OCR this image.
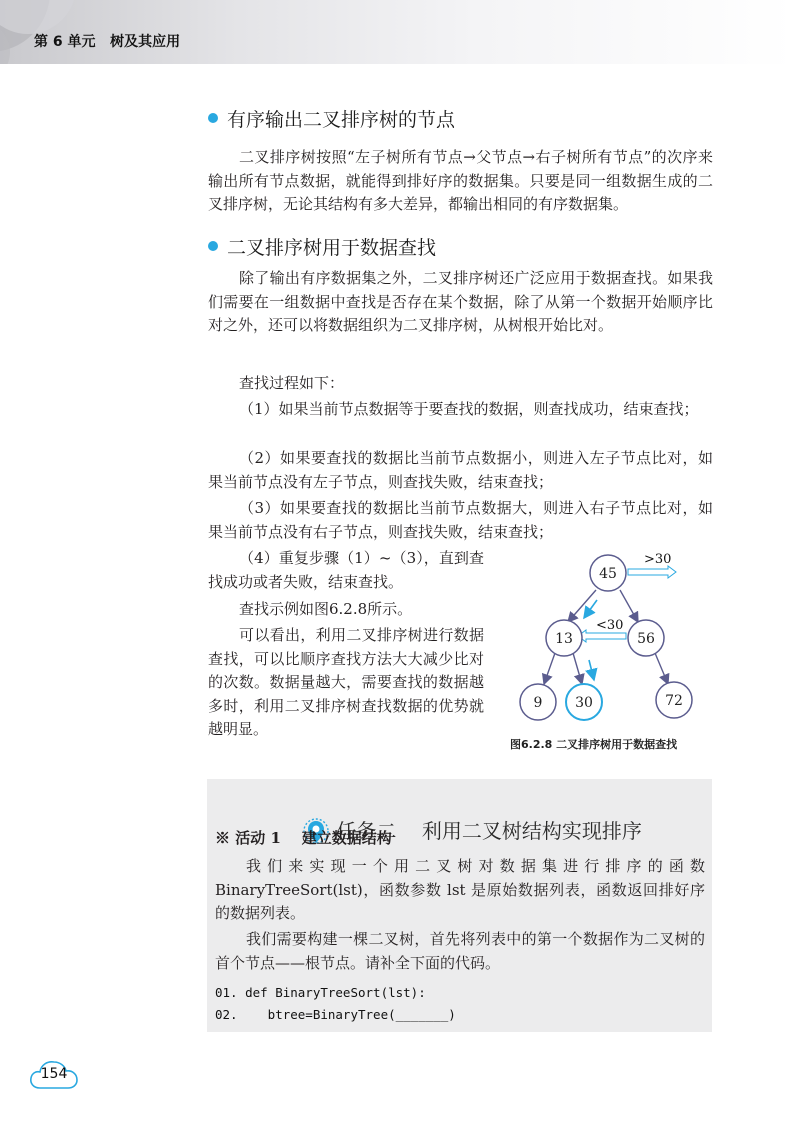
第 6 单元   树及其应用
有序输出二叉排序树的节点

二叉排序树按照“左子树所有节点→父节点→右子树所有节点”的次序来输出所有节点数据，就能得到排好序的数据集。只要是同一组数据生成的二叉排序树，无论其结构有多大差异，都输出相同的有序数据集。

二叉排序树用于数据查找

除了输出有序数据集之外，二叉排序树还广泛应用于数据查找。如果我们需要在一组数据中查找是否存在某个数据，除了从第一个数据开始顺序比对之外，还可以将数据组织为二叉排序树，从树根开始比对。

查找过程如下：

（1）如果当前节点数据等于要查找的数据，则查找成功，结束查找；

（2）如果要查找的数据比当前节点数据小，则进入左子节点比对，如果当前节点没有左子节点，则查找失败，结束查找；

（3）如果要查找的数据比当前节点数据大，则进入右子节点比对，如果当前节点没有右子节点，则查找失败，结束查找；

（4）重复步骤（1）~（3），直到查找成功或者失败，结束查找。

查找示例如图6.2.8所示。

可以看出，利用二叉排序树进行数据查找，可以比顺序查找方法大大减少比对的次数。数据量越大，需要查找的数据越多时，利用二叉排序树查找数据的优势就越明显。

>30
<30
45
13	56
9 30	72
图6.2.8 二叉排序树用于数据查找

任务二    利用二叉树结构实现排序

※ 活动 1    建立数据结构

我们来实现一个用二叉树对数据集进行排序的函数 BinaryTreeSort(lst)，函数参数 lst 是原始数据列表，函数返回排好序的数据列表。

我们需要构建一棵二叉树，首先将列表中的第一个数据作为二叉树的首个节点——根节点。请补全下面的代码。

01. def BinaryTreeSort(lst):
02.    btree=BinaryTree(_______)
154
